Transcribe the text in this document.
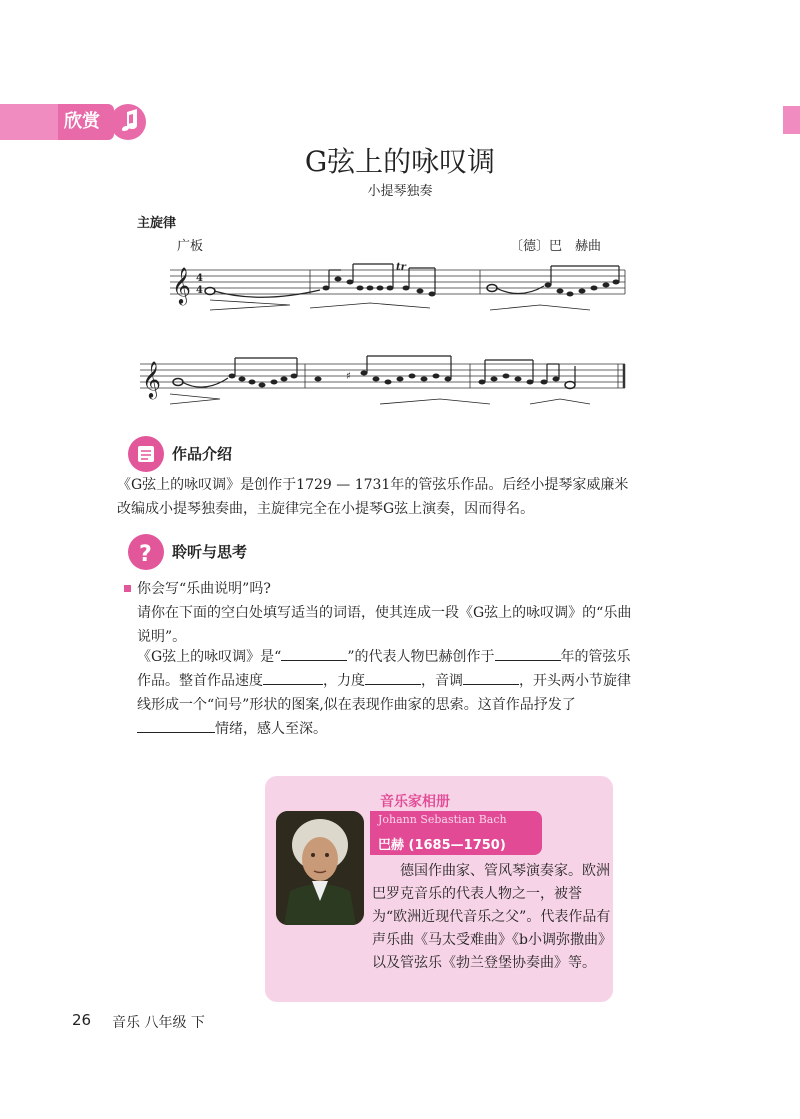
欣赏
G弦上的咏叹调
小提琴独奏
主旋律
广板	〔德〕巴　赫曲
𝄞 4
4
tr
𝄞	♯
作品介绍
《G弦上的咏叹调》是创作于1729 — 1731年的管弦乐作品。后经小提琴家威廉米改编成小提琴独奏曲，主旋律完全在小提琴G弦上演奏，因而得名。
? 聆听与思考
你会写“乐曲说明”吗?
请你在下面的空白处填写适当的词语，使其连成一段《G弦上的咏叹调》的“乐曲说明”。
《G弦上的咏叹调》是“	”的代表人物巴赫创作于	年的管弦乐作品。整首作品速度	，力度	，音调	，开头两小节旋律线形成一个“问号”形状的图案,似在表现作曲家的思索。这首作品抒发了情绪，感人至深。
音乐家相册
Johann Sebastian Bach
巴赫 (1685—1750)
德国作曲家、管风琴演奏家。欧洲巴罗克音乐的代表人物之一，被誉为“欧洲近现代音乐之父”。代表作品有声乐曲《马太受难曲》《b小调弥撒曲》以及管弦乐《勃兰登堡协奏曲》等。
26 音乐 八年级 下
